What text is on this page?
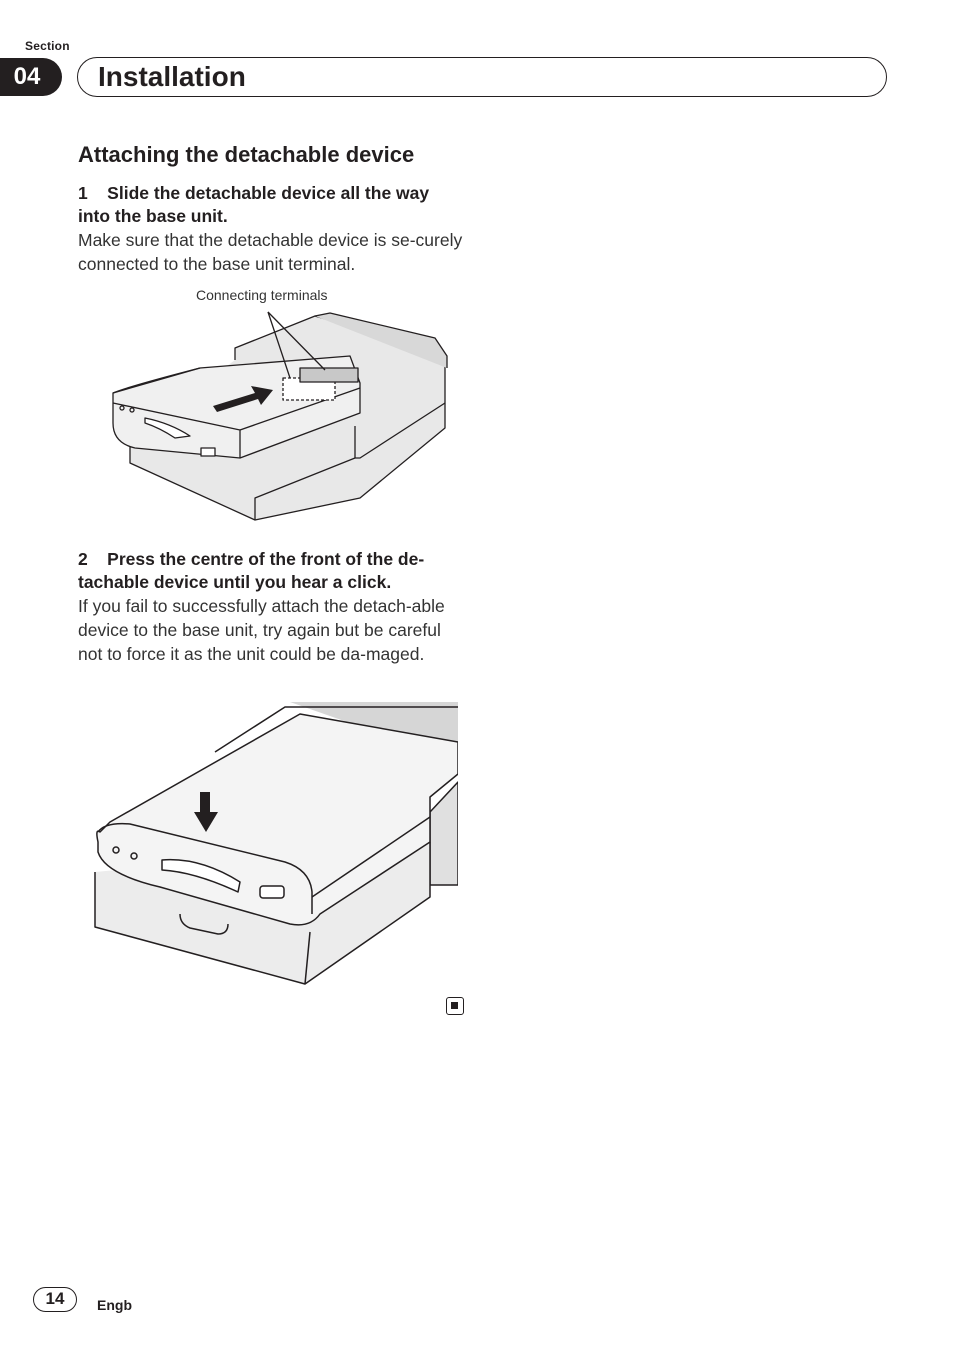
Section
04	Installation
Attaching the detachable device
1    Slide the detachable device all the way into the base unit.
Make sure that the detachable device is se-curely connected to the base unit terminal.
Connecting terminals
2    Press the centre of the front of the de-tachable device until you hear a click.
If you fail to successfully attach the detach-able device to the base unit, try again but be careful not to force it as the unit could be da-maged.
14	Engb
